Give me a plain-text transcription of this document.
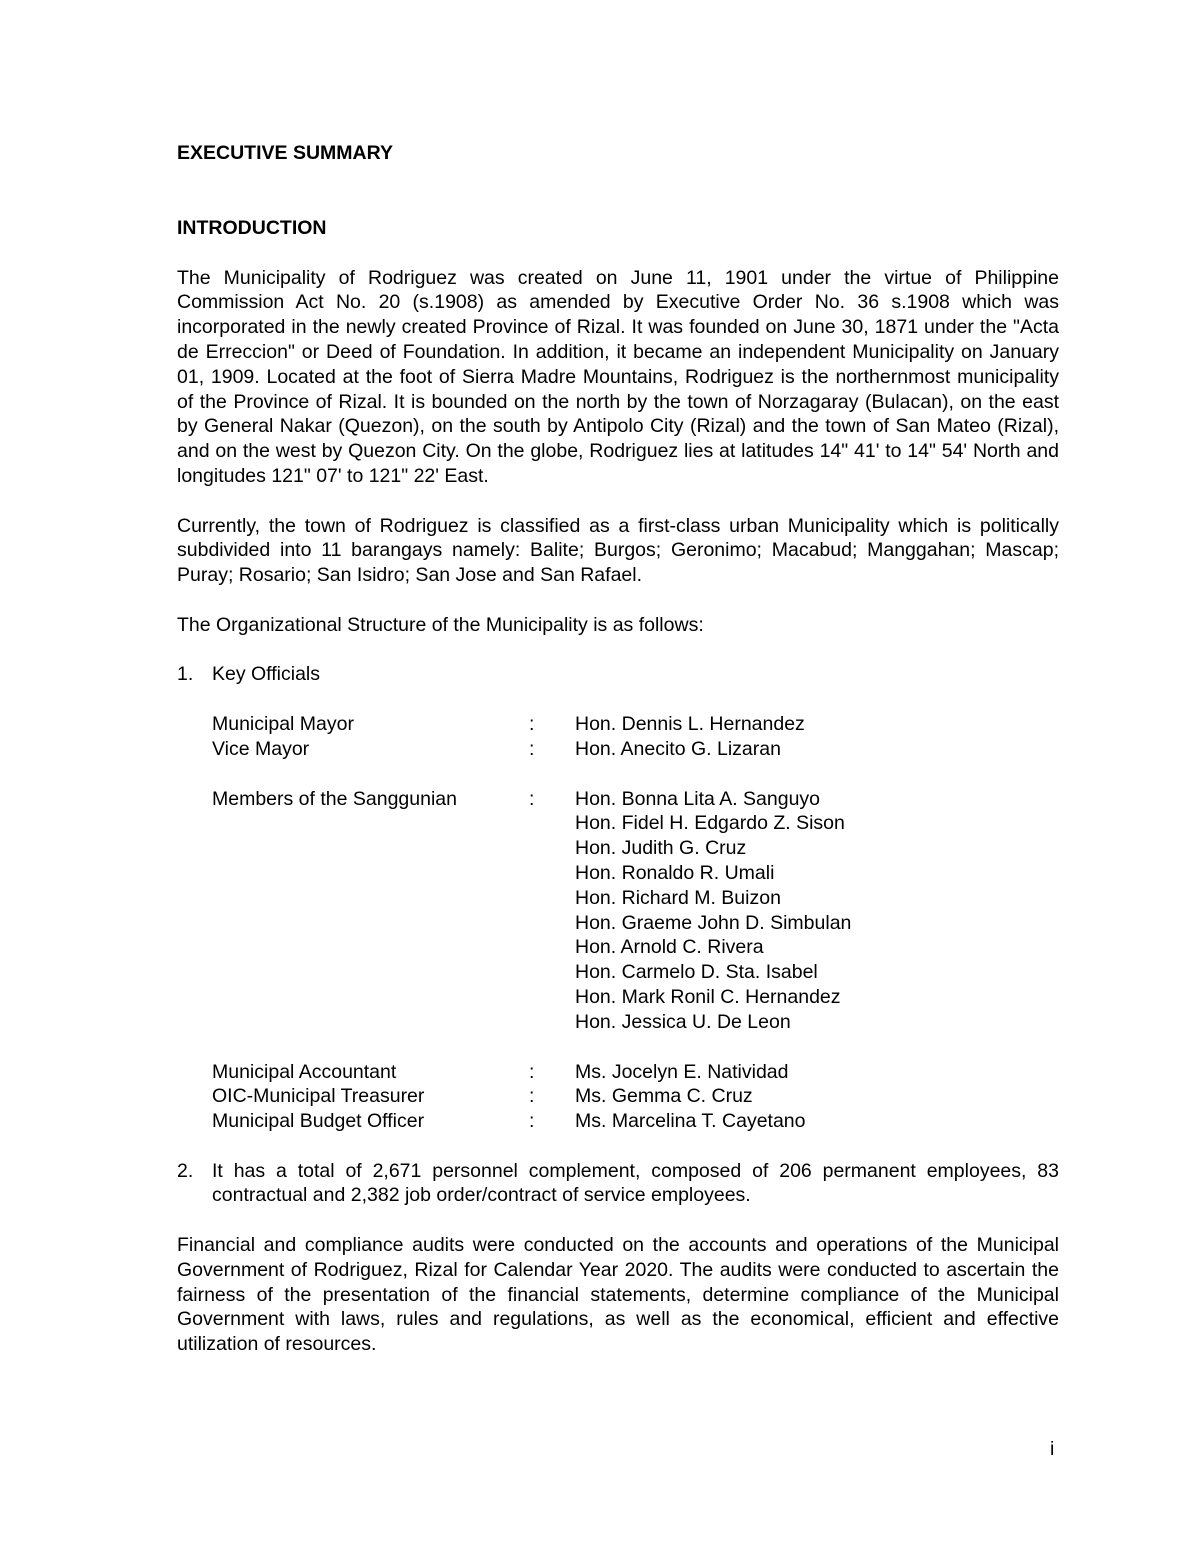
EXECUTIVE SUMMARY
INTRODUCTION

The Municipality of Rodriguez was created on June 11, 1901 under the virtue of Philippine Commission Act No. 20 (s.1908) as amended by Executive Order No. 36 s.1908 which was incorporated in the newly created Province of Rizal. It was founded on June 30, 1871 under the "Acta de Erreccion" or Deed of Foundation. In addition, it became an independent Municipality on January 01, 1909. Located at the foot of Sierra Madre Mountains, Rodriguez is the northernmost municipality of the Province of Rizal. It is bounded on the north by the town of Norzagaray (Bulacan), on the east by General Nakar (Quezon), on the south by Antipolo City (Rizal) and the town of San Mateo (Rizal), and on the west by Quezon City. On the globe, Rodriguez lies at latitudes 14" 41' to 14" 54' North and longitudes 121" 07' to 121" 22' East.

Currently, the town of Rodriguez is classified as a first-class urban Municipality which is politically subdivided into 11 barangays namely: Balite; Burgos; Geronimo; Macabud; Manggahan; Mascap; Puray; Rosario; San Isidro; San Jose and San Rafael.

The Organizational Structure of the Municipality is as follows:

1. Key Officials
Municipal Mayor	:	Hon. Dennis L. Hernandez
Vice Mayor	:	Hon. Anecito G. Lizaran
Members of the Sanggunian	:	Hon. Bonna Lita A. Sanguyo
Hon. Fidel H. Edgardo Z. Sison
Hon. Judith G. Cruz
Hon. Ronaldo R. Umali
Hon. Richard M. Buizon
Hon. Graeme John D. Simbulan
Hon. Arnold C. Rivera
Hon. Carmelo D. Sta. Isabel
Hon. Mark Ronil C. Hernandez
Hon. Jessica U. De Leon
Municipal Accountant	:	Ms. Jocelyn E. Natividad
OIC-Municipal Treasurer	:	Ms. Gemma C. Cruz
Municipal Budget Officer	:	Ms. Marcelina T. Cayetano
2. It has a total of 2,671 personnel complement, composed of 206 permanent employees, 83 contractual and 2,382 job order/contract of service employees.

Financial and compliance audits were conducted on the accounts and operations of the Municipal Government of Rodriguez, Rizal for Calendar Year 2020. The audits were conducted to ascertain the fairness of the presentation of the financial statements, determine compliance of the Municipal Government with laws, rules and regulations, as well as the economical, efficient and effective utilization of resources.

i
